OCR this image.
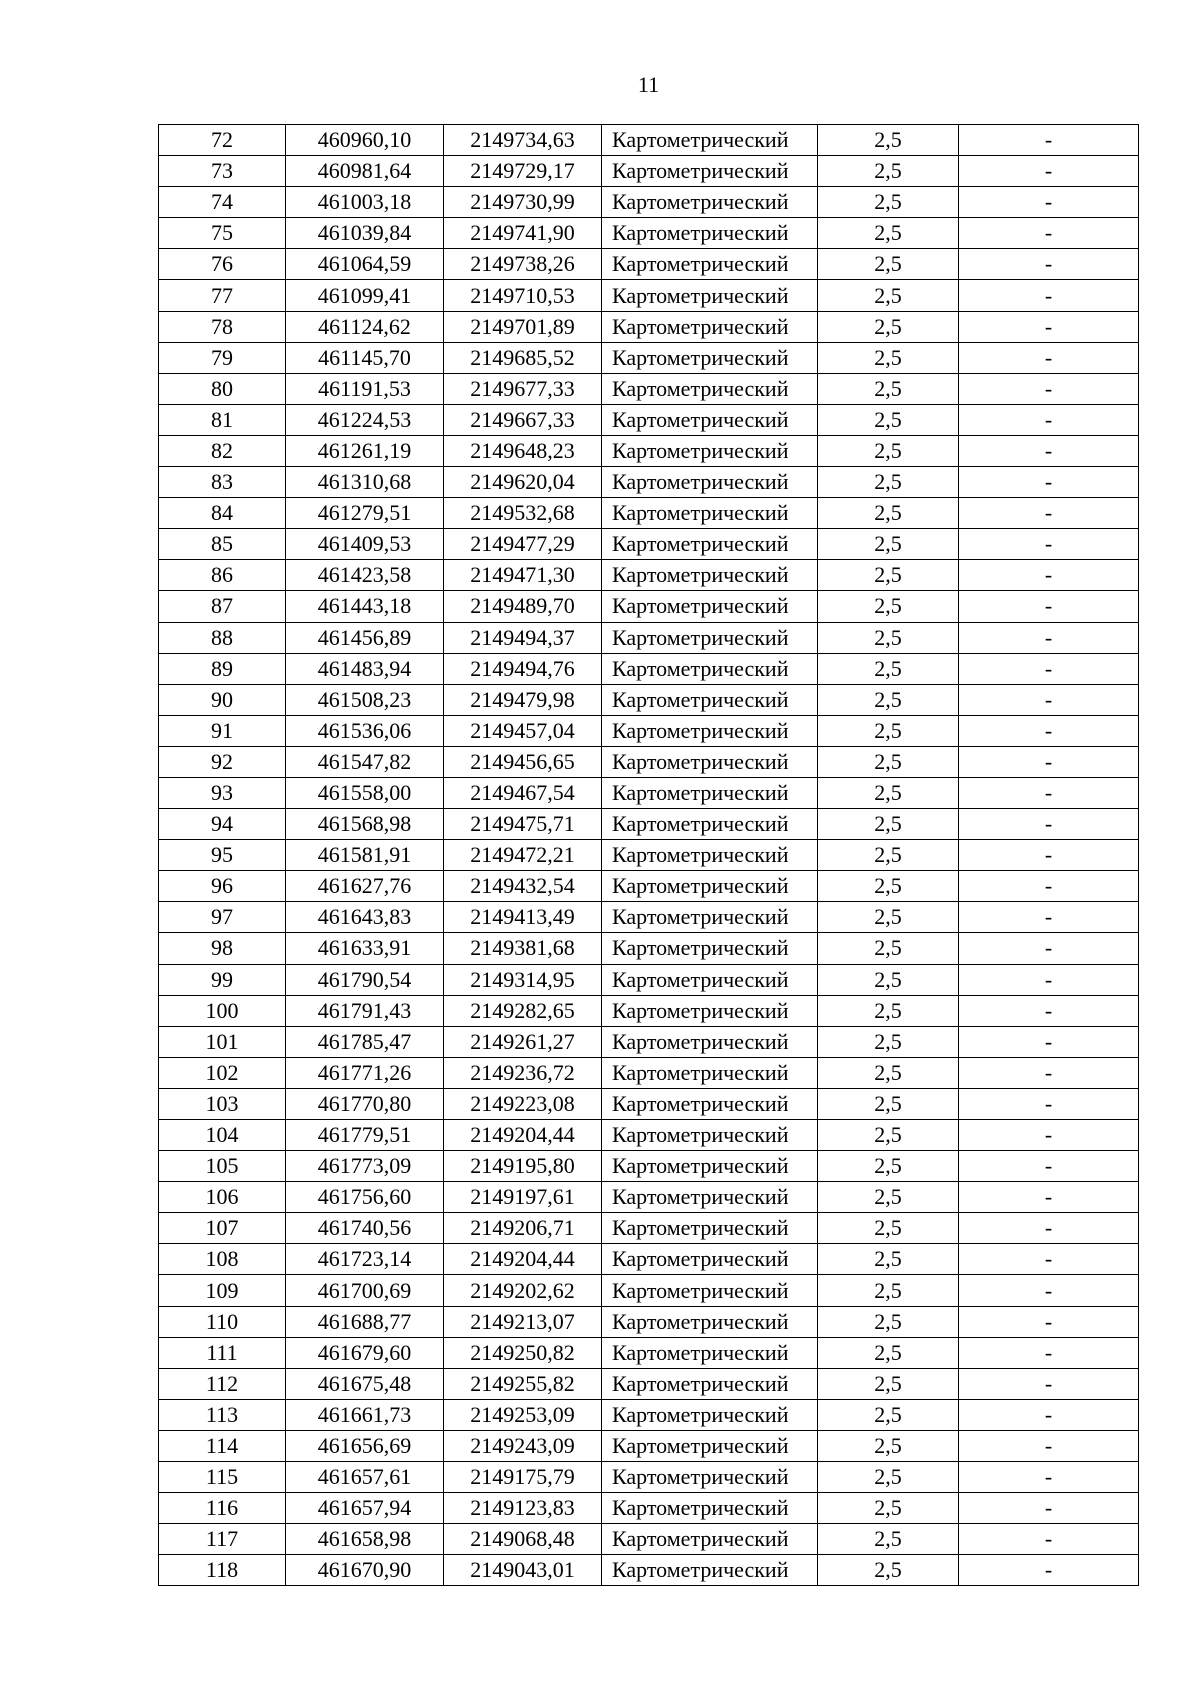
11
72	460960,10	2149734,63	Картометрический	2,5	-
73	460981,64	2149729,17	Картометрический	2,5	-
74	461003,18	2149730,99	Картометрический	2,5	-
75	461039,84	2149741,90	Картометрический	2,5	-
76	461064,59	2149738,26	Картометрический	2,5	-
77	461099,41	2149710,53	Картометрический	2,5	-
78	461124,62	2149701,89	Картометрический	2,5	-
79	461145,70	2149685,52	Картометрический	2,5	-
80	461191,53	2149677,33	Картометрический	2,5	-
81	461224,53	2149667,33	Картометрический	2,5	-
82	461261,19	2149648,23	Картометрический	2,5	-
83	461310,68	2149620,04	Картометрический	2,5	-
84	461279,51	2149532,68	Картометрический	2,5	-
85	461409,53	2149477,29	Картометрический	2,5	-
86	461423,58	2149471,30	Картометрический	2,5	-
87	461443,18	2149489,70	Картометрический	2,5	-
88	461456,89	2149494,37	Картометрический	2,5	-
89	461483,94	2149494,76	Картометрический	2,5	-
90	461508,23	2149479,98	Картометрический	2,5	-
91	461536,06	2149457,04	Картометрический	2,5	-
92	461547,82	2149456,65	Картометрический	2,5	-
93	461558,00	2149467,54	Картометрический	2,5	-
94	461568,98	2149475,71	Картометрический	2,5	-
95	461581,91	2149472,21	Картометрический	2,5	-
96	461627,76	2149432,54	Картометрический	2,5	-
97	461643,83	2149413,49	Картометрический	2,5	-
98	461633,91	2149381,68	Картометрический	2,5	-
99	461790,54	2149314,95	Картометрический	2,5	-
100	461791,43	2149282,65	Картометрический	2,5	-
101	461785,47	2149261,27	Картометрический	2,5	-
102	461771,26	2149236,72	Картометрический	2,5	-
103	461770,80	2149223,08	Картометрический	2,5	-
104	461779,51	2149204,44	Картометрический	2,5	-
105	461773,09	2149195,80	Картометрический	2,5	-
106	461756,60	2149197,61	Картометрический	2,5	-
107	461740,56	2149206,71	Картометрический	2,5	-
108	461723,14	2149204,44	Картометрический	2,5	-
109	461700,69	2149202,62	Картометрический	2,5	-
110	461688,77	2149213,07	Картометрический	2,5	-
111	461679,60	2149250,82	Картометрический	2,5	-
112	461675,48	2149255,82	Картометрический	2,5	-
113	461661,73	2149253,09	Картометрический	2,5	-
114	461656,69	2149243,09	Картометрический	2,5	-
115	461657,61	2149175,79	Картометрический	2,5	-
116	461657,94	2149123,83	Картометрический	2,5	-
117	461658,98	2149068,48	Картометрический	2,5	-
118	461670,90	2149043,01	Картометрический	2,5	-
